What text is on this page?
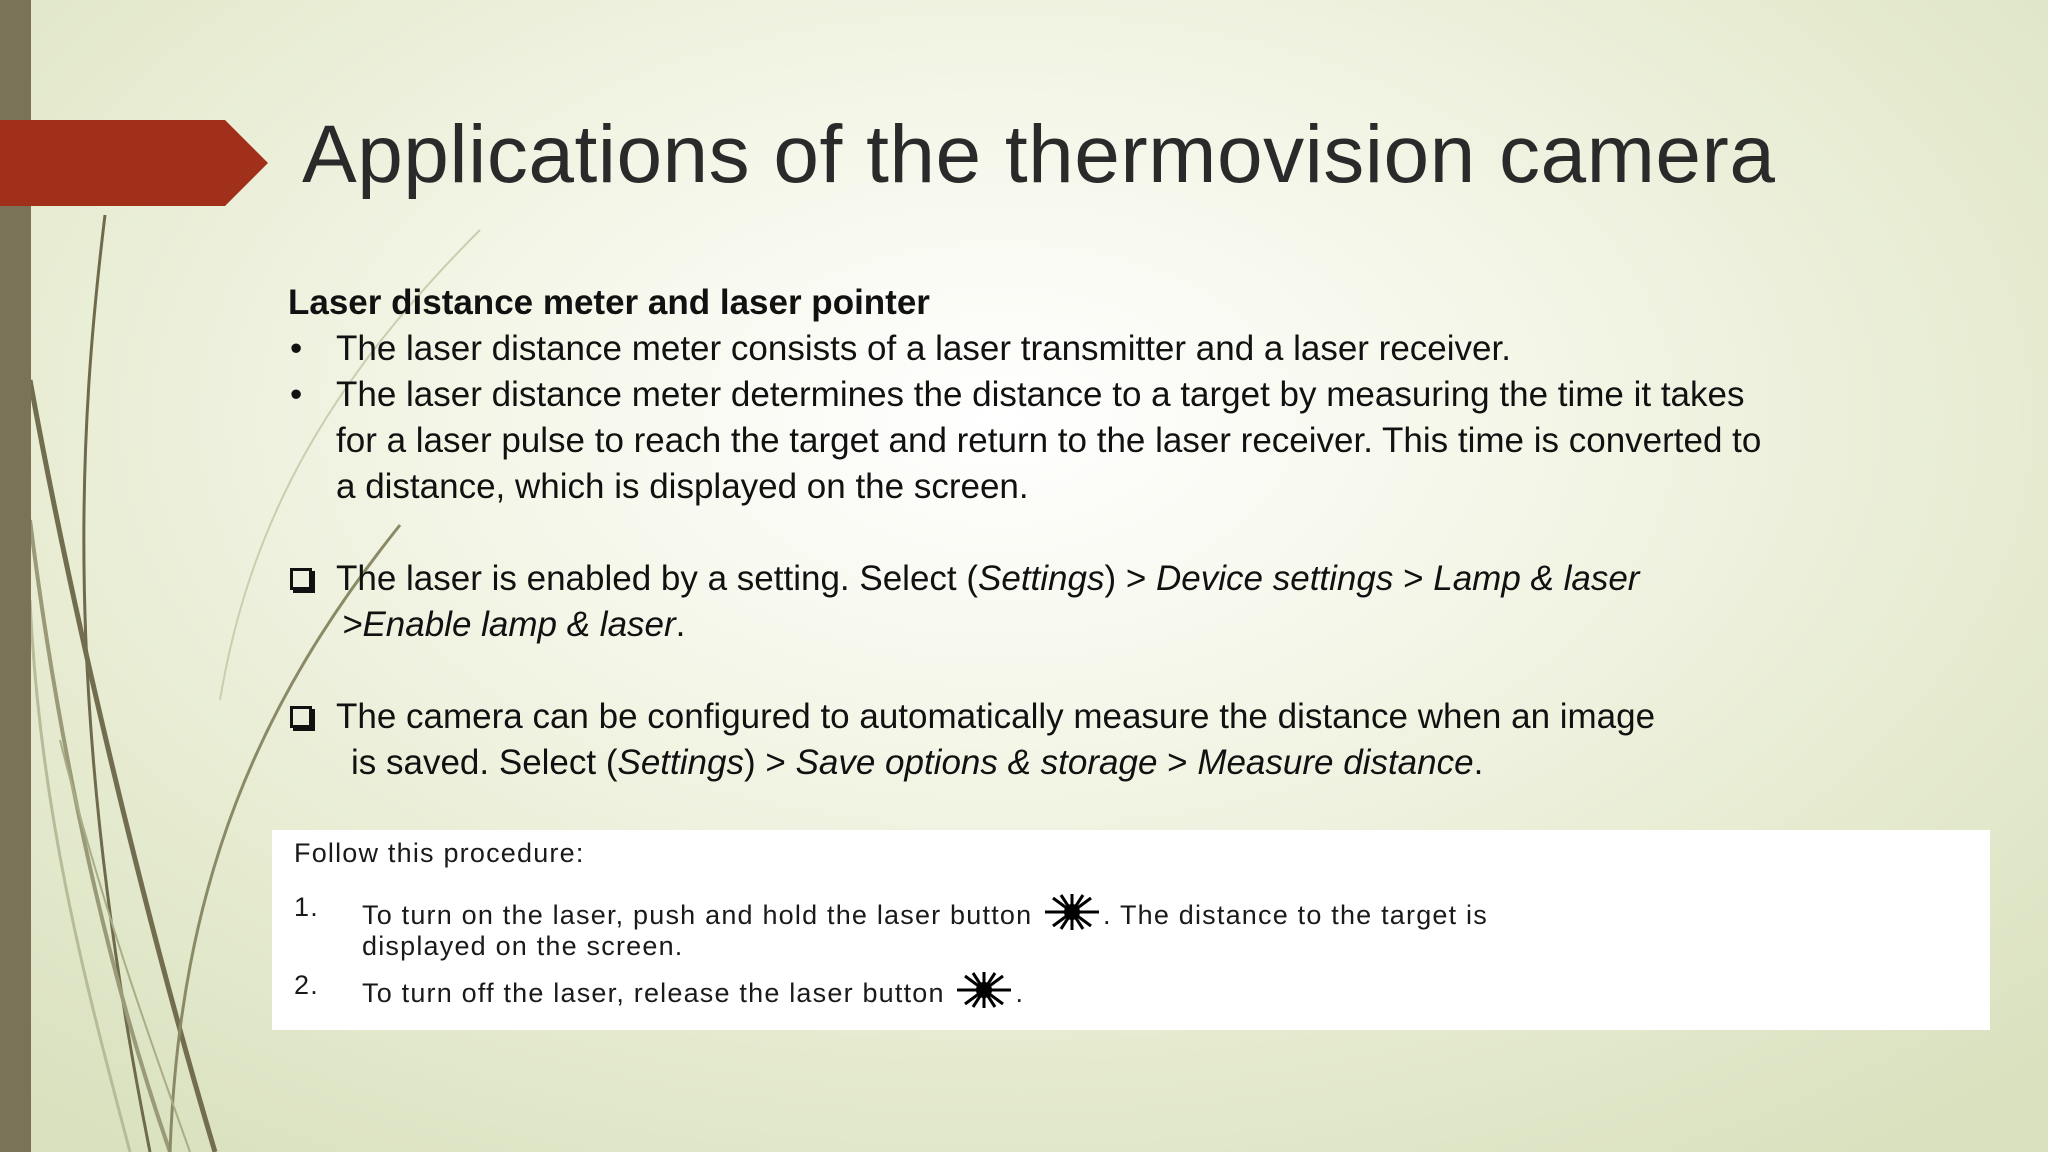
Applications of the thermovision camera

Laser distance meter and laser pointer

• The laser distance meter consists of a laser transmitter and a laser receiver.
• The laser distance meter determines the distance to a target by measuring the time it takes
for a laser pulse to reach the target and return to the laser receiver. This time is converted to
a distance, which is displayed on the screen.
The laser is enabled by a setting. Select (Settings) > Device settings > Lamp & laser
>Enable lamp & laser.
The camera can be configured to automatically measure the distance when an image
is saved. Select (Settings) > Save options & storage > Measure distance.
Follow this procedure:
1. To turn on the laser, push and hold the laser button	. The distance to the target is
displayed on the screen.
2. To turn off the laser, release the laser button	.
